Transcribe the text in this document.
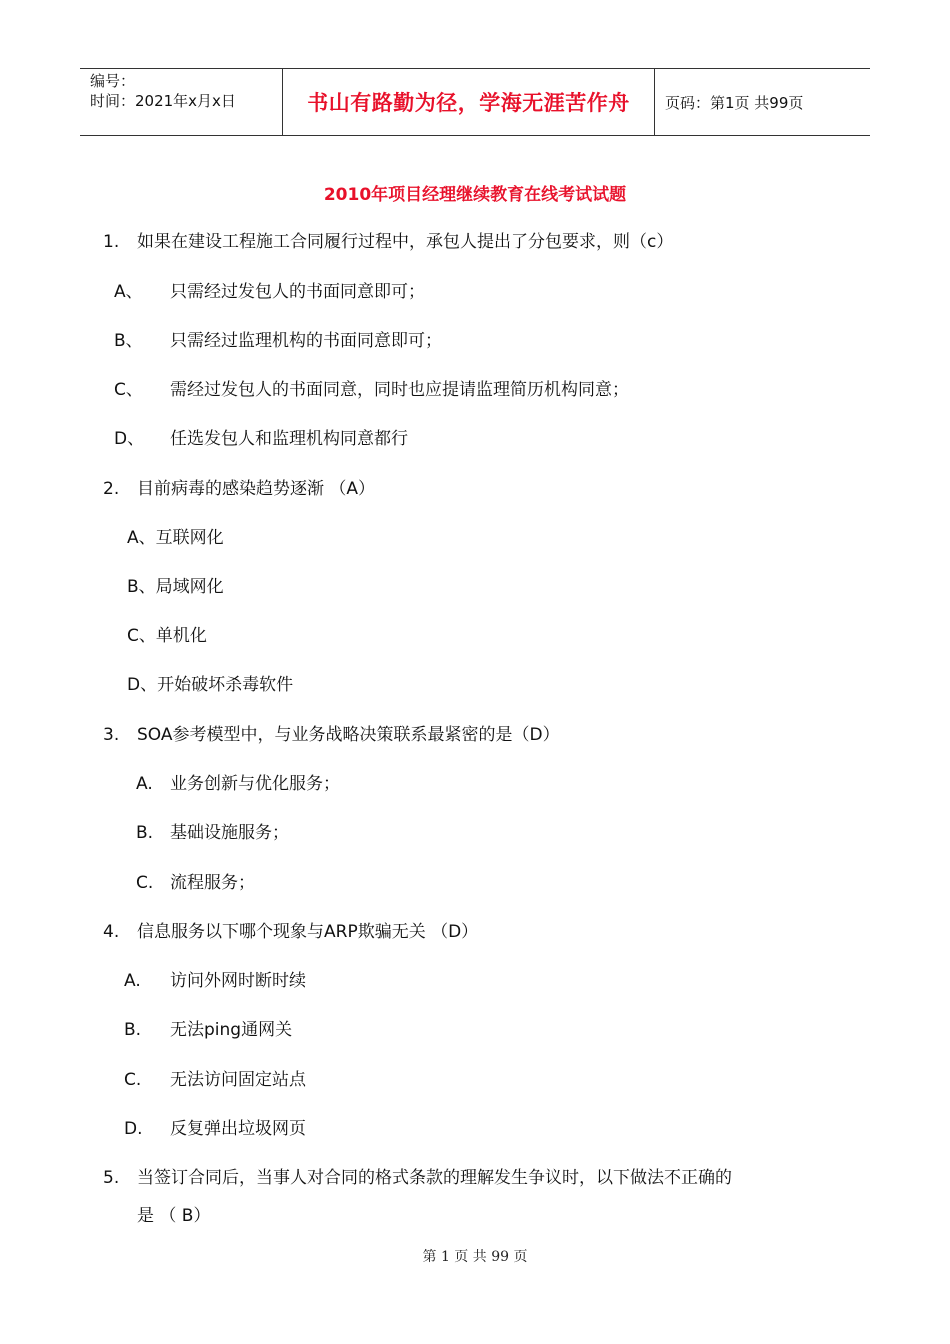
编号：
时间：2021年x月x日	书山有路勤为径，学海无涯苦作舟	页码：第1页 共99页
2010年项目经理继续教育在线考试试题
1. 如果在建设工程施工合同履行过程中，承包人提出了分包要求，则（c）
A、 只需经过发包人的书面同意即可；
B、 只需经过监理机构的书面同意即可；
C、 需经过发包人的书面同意，同时也应提请监理简历机构同意；
D、 任选发包人和监理机构同意都行
2. 目前病毒的感染趋势逐渐 （A）
A、互联网化
B、局域网化
C、单机化
D、开始破坏杀毒软件
3. SOA参考模型中，与业务战略决策联系最紧密的是（D）
A. 业务创新与优化服务；
B. 基础设施服务；
C. 流程服务；
4. 信息服务以下哪个现象与ARP欺骗无关 （D）
A. 访问外网时断时续
B. 无法ping通网关
C. 无法访问固定站点
D. 反复弹出垃圾网页
5. 当签订合同后，当事人对合同的格式条款的理解发生争议时，以下做法不正确的
是 （ B）
第 1 页 共 99 页
